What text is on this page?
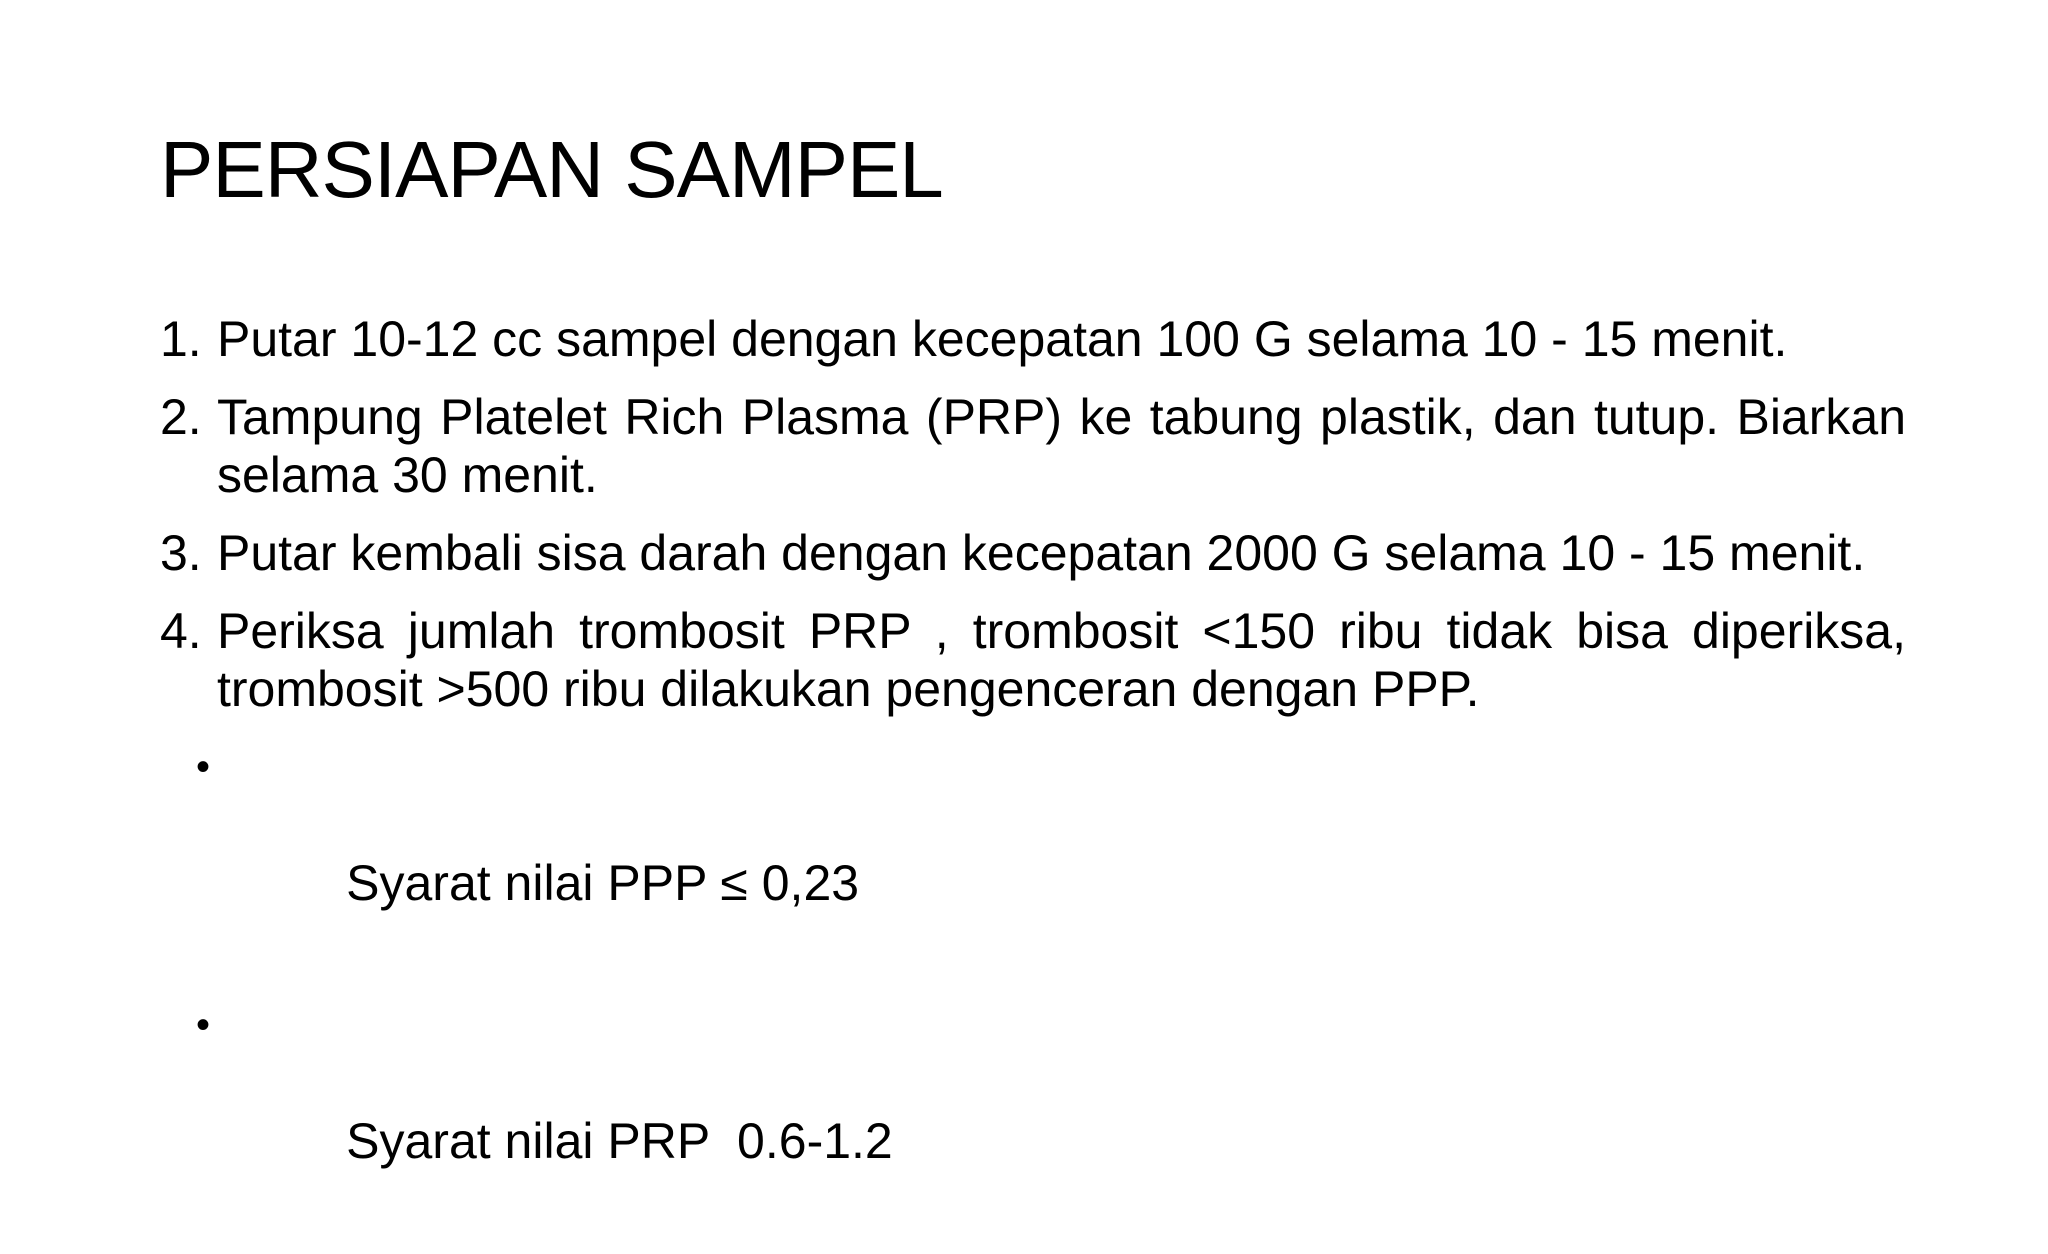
PERSIAPAN SAMPEL
1. Putar 10-12 cc sampel dengan kecepatan 100 G selama 10 - 15 menit.
2. Tampung Platelet Rich Plasma (PRP) ke tabung plastik, dan tutup. Biarkan selama 30 menit.
3. Putar kembali sisa darah dengan kecepatan 2000 G selama 10 - 15 menit.
4. Periksa jumlah trombosit PRP , trombosit <150 ribu tidak bisa diperiksa, trombosit >500 ribu dilakukan pengenceran dengan PPP.

•

Syarat nilai PPP ≤ 0,23

•

Syarat nilai PRP  0.6-1.2
